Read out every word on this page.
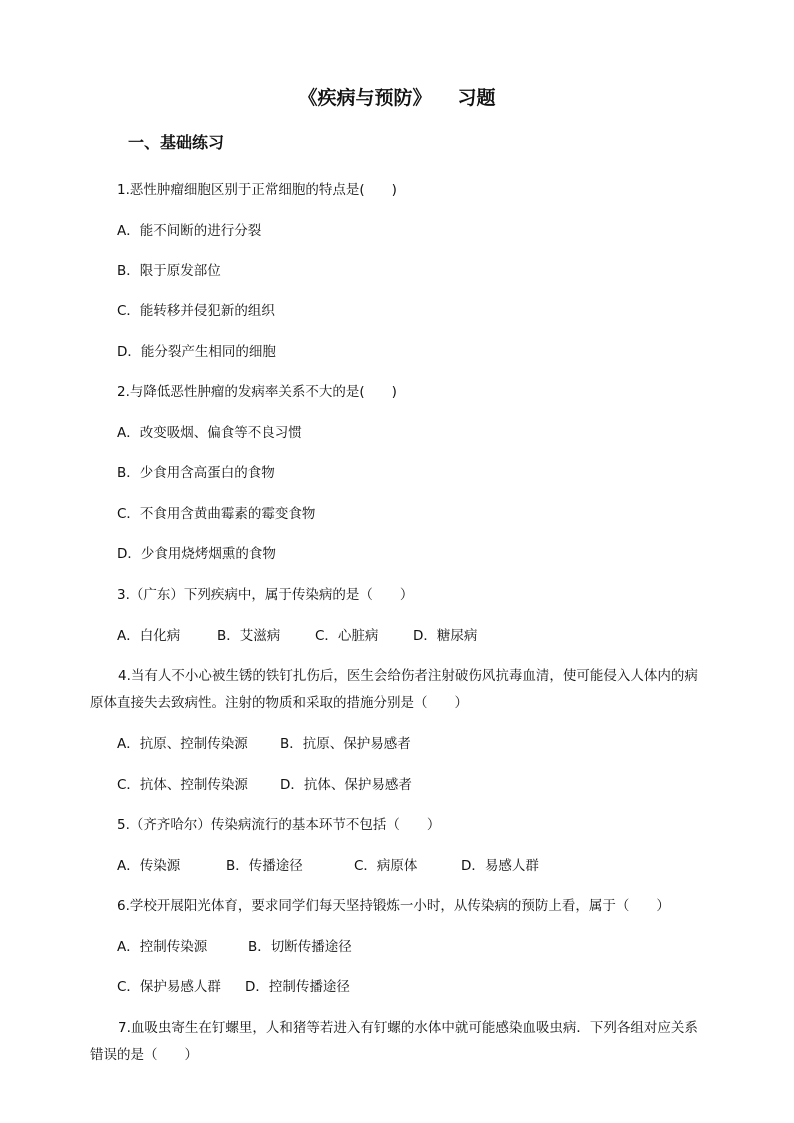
《疾病与预防》 习题
一、基础练习
1.恶性肿瘤细胞区别于正常细胞的特点是(　　)
A．能不间断的进行分裂
B．限于原发部位
C．能转移并侵犯新的组织
D．能分裂产生相同的细胞
2.与降低恶性肿瘤的发病率关系不大的是(　　)
A．改变吸烟、偏食等不良习惯
B．少食用含高蛋白的食物
C．不食用含黄曲霉素的霉变食物
D．少食用烧烤烟熏的食物
3.（广东）下列疾病中，属于传染病的是（　　）
A．白化病	B．艾滋病	C．心脏病	D．糖尿病
4.当有人不小心被生锈的铁钉扎伤后，医生会给伤者注射破伤风抗毒血清，使可能侵入人体内的病原体直接失去致病性。注射的物质和采取的措施分别是（　　）
A．抗原、控制传染源 B．抗原、保护易感者
C．抗体、控制传染源 D．抗体、保护易感者
5.（齐齐哈尔）传染病流行的基本环节不包括（　　）
A．传染源	B．传播途径	C．病原体	D．易感人群
6.学校开展阳光体育，要求同学们每天坚持锻炼一小时，从传染病的预防上看，属于（　　）
A．控制传染源	B．切断传播途径
C．保护易感人群 D．控制传播途径
7.血吸虫寄生在钉螺里，人和猪等若进入有钉螺的水体中就可能感染血吸虫病．下列各组对应关系错误的是（　　）
